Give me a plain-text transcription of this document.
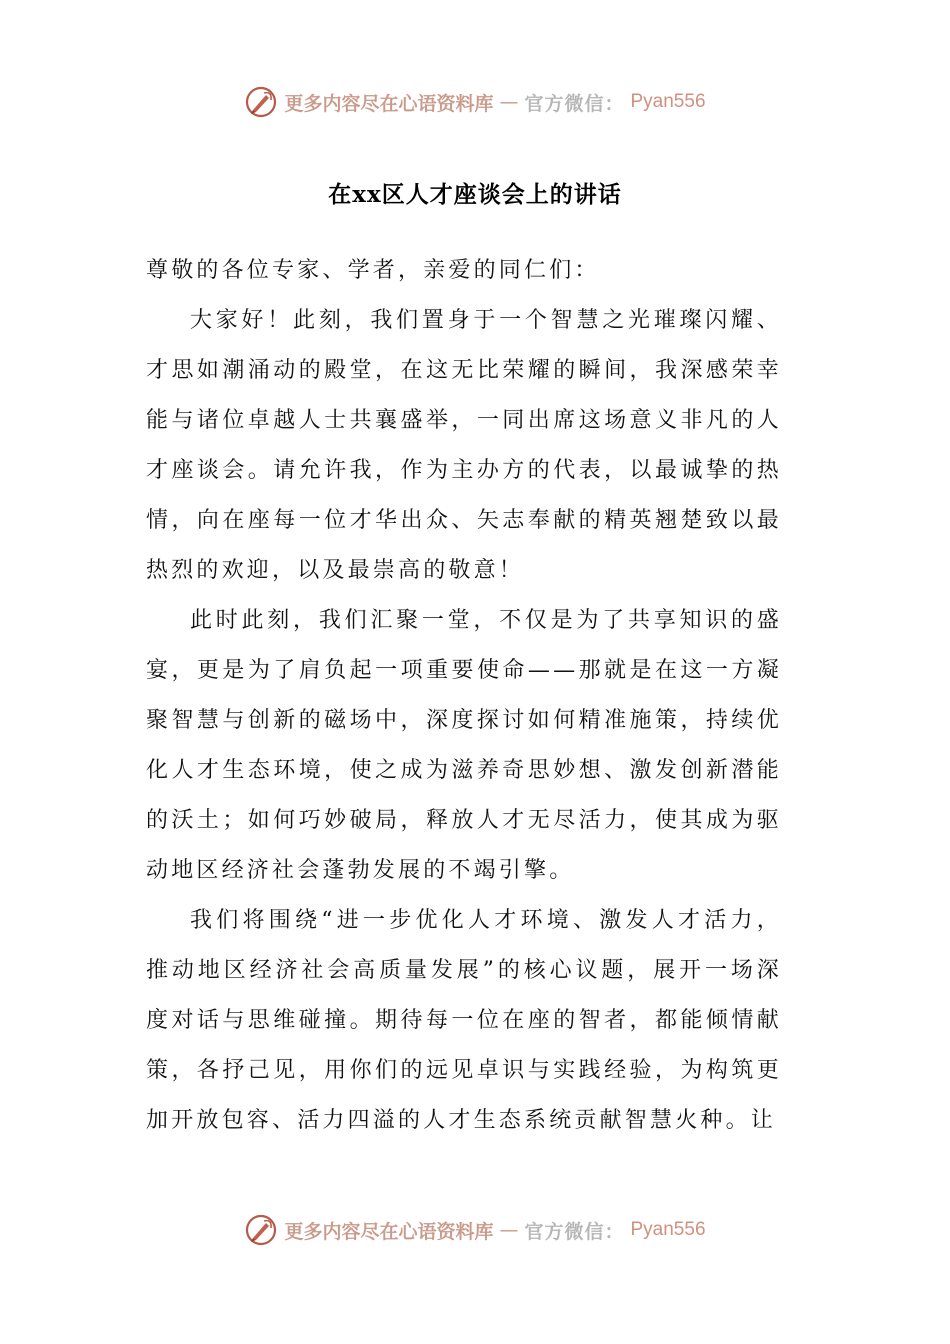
更多内容尽在心语资料库 — 官方微信： Pyan556
在xx区人才座谈会上的讲话

尊敬的各位专家、学者，亲爱的同仁们：

大家好！此刻，我们置身于一个智慧之光璀璨闪耀、才思如潮涌动的殿堂，在这无比荣耀的瞬间，我深感荣幸能与诸位卓越人士共襄盛举，一同出席这场意义非凡的人才座谈会。请允许我，作为主办方的代表，以最诚挚的热情，向在座每一位才华出众、矢志奉献的精英翘楚致以最热烈的欢迎，以及最崇高的敬意！

此时此刻，我们汇聚一堂，不仅是为了共享知识的盛宴，更是为了肩负起一项重要使命——那就是在这一方凝聚智慧与创新的磁场中，深度探讨如何精准施策，持续优化人才生态环境，使之成为滋养奇思妙想、激发创新潜能的沃土；如何巧妙破局，释放人才无尽活力，使其成为驱动地区经济社会蓬勃发展的不竭引擎。

我们将围绕“进一步优化人才环境、激发人才活力，推动地区经济社会高质量发展”的核心议题，展开一场深度对话与思维碰撞。期待每一位在座的智者，都能倾情献策，各抒己见，用你们的远见卓识与实践经验，为构筑更加开放包容、活力四溢的人才生态系统贡献智慧火种。让

更多内容尽在心语资料库 — 官方微信： Pyan556
